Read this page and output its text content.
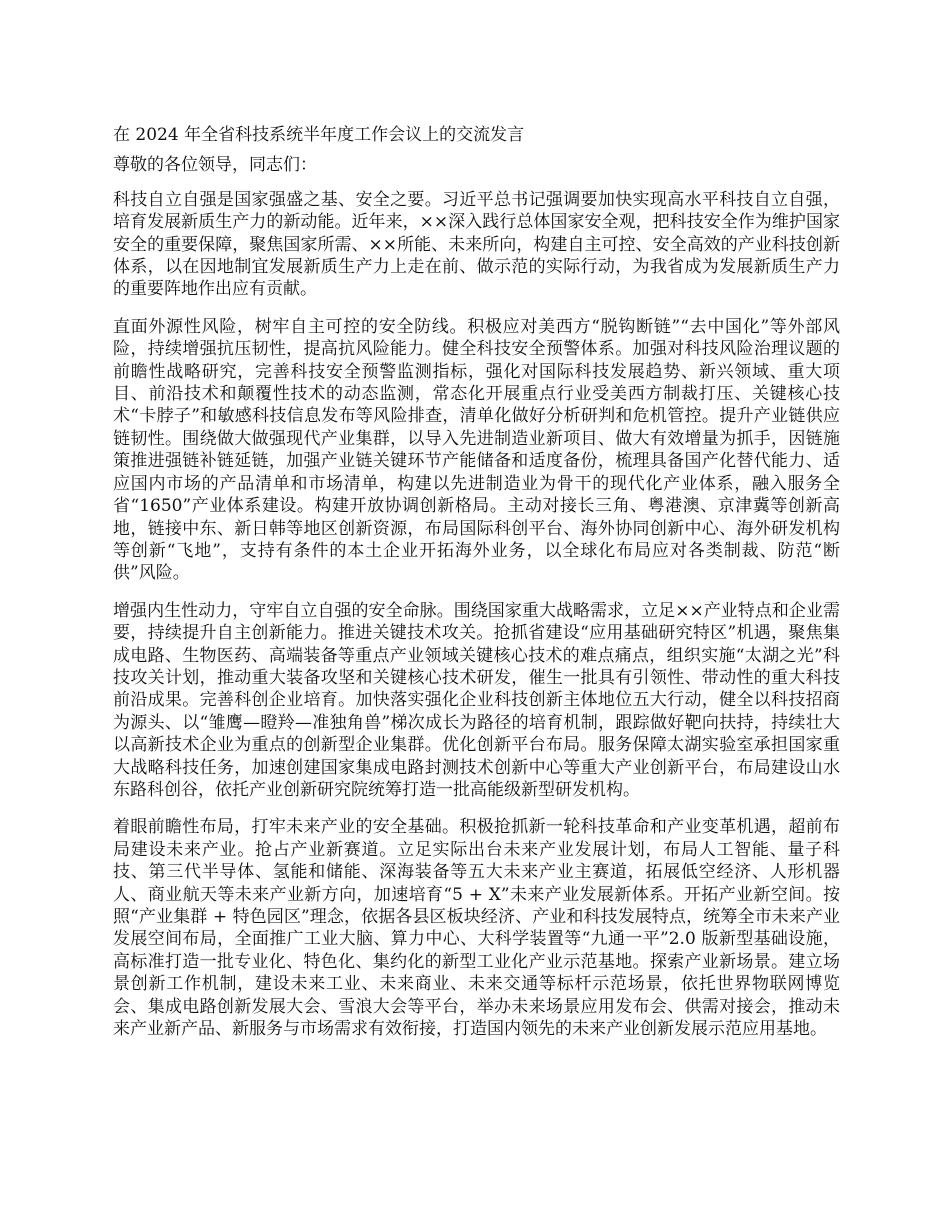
在 2024 年全省科技系统半年度工作会议上的交流发言

尊敬的各位领导，同志们：

科技自立自强是国家强盛之基、安全之要。习近平总书记强调要加快实现高水平科技自立自强，培育发展新质生产力的新动能。近年来，××深入践行总体国家安全观，把科技安全作为维护国家安全的重要保障，聚焦国家所需、××所能、未来所向，构建自主可控、安全高效的产业科技创新体系，以在因地制宜发展新质生产力上走在前、做示范的实际行动，为我省成为发展新质生产力的重要阵地作出应有贡献。

直面外源性风险，树牢自主可控的安全防线。积极应对美西方“脱钩断链”“去中国化”等外部风险，持续增强抗压韧性，提高抗风险能力。健全科技安全预警体系。加强对科技风险治理议题的前瞻性战略研究，完善科技安全预警监测指标，强化对国际科技发展趋势、新兴领域、重大项目、前沿技术和颠覆性技术的动态监测，常态化开展重点行业受美西方制裁打压、关键核心技术“卡脖子”和敏感科技信息发布等风险排查，清单化做好分析研判和危机管控。提升产业链供应链韧性。围绕做大做强现代产业集群，以导入先进制造业新项目、做大有效增量为抓手，因链施策推进强链补链延链，加强产业链关键环节产能储备和适度备份，梳理具备国产化替代能力、适应国内市场的产品清单和市场清单，构建以先进制造业为骨干的现代化产业体系，融入服务全省“1650”产业体系建设。构建开放协调创新格局。主动对接长三角、粤港澳、京津冀等创新高地，链接中东、新日韩等地区创新资源，布局国际科创平台、海外协同创新中心、海外研发机构等创新“飞地”，支持有条件的本土企业开拓海外业务，以全球化布局应对各类制裁、防范“断供”风险。

增强内生性动力，守牢自立自强的安全命脉。围绕国家重大战略需求，立足××产业特点和企业需要，持续提升自主创新能力。推进关键技术攻关。抢抓省建设“应用基础研究特区”机遇，聚焦集成电路、生物医药、高端装备等重点产业领域关键核心技术的难点痛点，组织实施“太湖之光”科技攻关计划，推动重大装备攻坚和关键核心技术研发，催生一批具有引领性、带动性的重大科技前沿成果。完善科创企业培育。加快落实强化企业科技创新主体地位五大行动，健全以科技招商为源头、以“雏鹰—瞪羚—准独角兽”梯次成长为路径的培育机制，跟踪做好靶向扶持，持续壮大以高新技术企业为重点的创新型企业集群。优化创新平台布局。服务保障太湖实验室承担国家重大战略科技任务，加速创建国家集成电路封测技术创新中心等重大产业创新平台，布局建设山水东路科创谷，依托产业创新研究院统筹打造一批高能级新型研发机构。

着眼前瞻性布局，打牢未来产业的安全基础。积极抢抓新一轮科技革命和产业变革机遇，超前布局建设未来产业。抢占产业新赛道。立足实际出台未来产业发展计划，布局人工智能、量子科技、第三代半导体、氢能和储能、深海装备等五大未来产业主赛道，拓展低空经济、人形机器人、商业航天等未来产业新方向，加速培育“5 + X”未来产业发展新体系。开拓产业新空间。按照“产业集群 + 特色园区”理念，依据各县区板块经济、产业和科技发展特点，统筹全市未来产业发展空间布局，全面推广工业大脑、算力中心、大科学装置等“九通一平”2.0 版新型基础设施，高标准打造一批专业化、特色化、集约化的新型工业化产业示范基地。探索产业新场景。建立场景创新工作机制，建设未来工业、未来商业、未来交通等标杆示范场景，依托世界物联网博览会、集成电路创新发展大会、雪浪大会等平台，举办未来场景应用发布会、供需对接会，推动未来产业新产品、新服务与市场需求有效衔接，打造国内领先的未来产业创新发展示范应用基地。
